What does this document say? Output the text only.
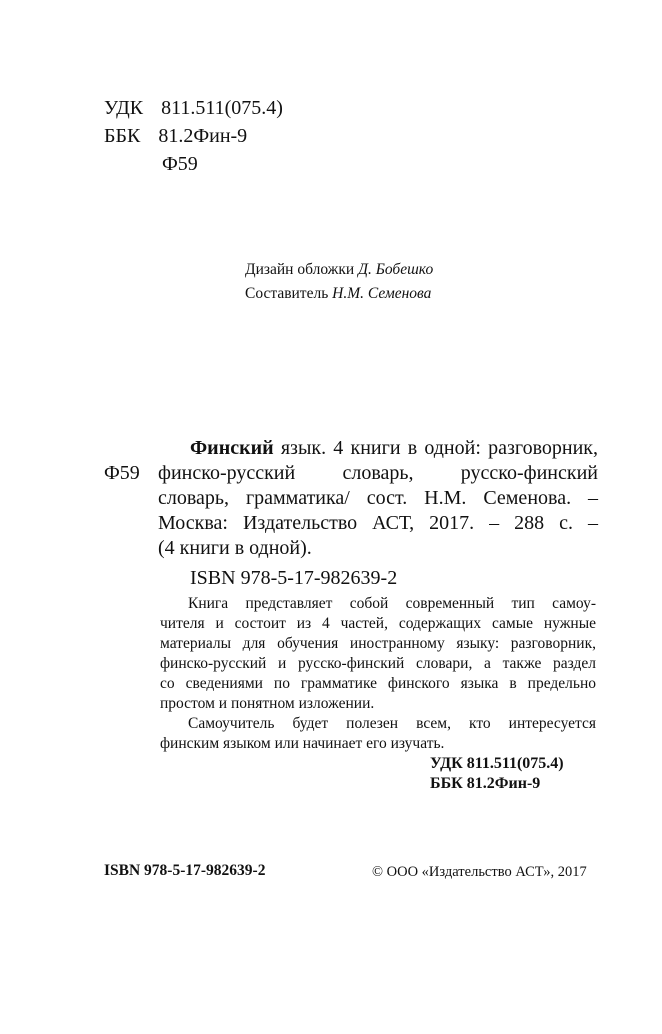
УДК 811.511(075.4)
ББК 81.2Фин-9
Ф59
Дизайн обложки Д. Бобешко
Составитель Н.М. Семенова
Ф59
Финский язык. 4 книги в одной: разговорник,
финско-русский словарь, русско-финский
словарь, грамматика/ сост. Н.М. Семенова. –
Москва: Издательство АСТ, 2017. – 288 с. –
(4 книги в одной).
ISBN 978-5-17-982639-2
Книга представляет собой современный тип самоу-
чителя и состоит из 4 частей, содержащих самые нужные
материалы для обучения иностранному языку: разговорник,
финско-русский и русско-финский словари, а также раздел
со сведениями по грамматике финского языка в предельно
простом и понятном изложении.
Самоучитель будет полезен всем, кто интересуется
финским языком или начинает его изучать.
УДК 811.511(075.4)
ББК 81.2Фин-9
ISBN 978-5-17-982639-2	© ООО «Издательство АСТ», 2017
